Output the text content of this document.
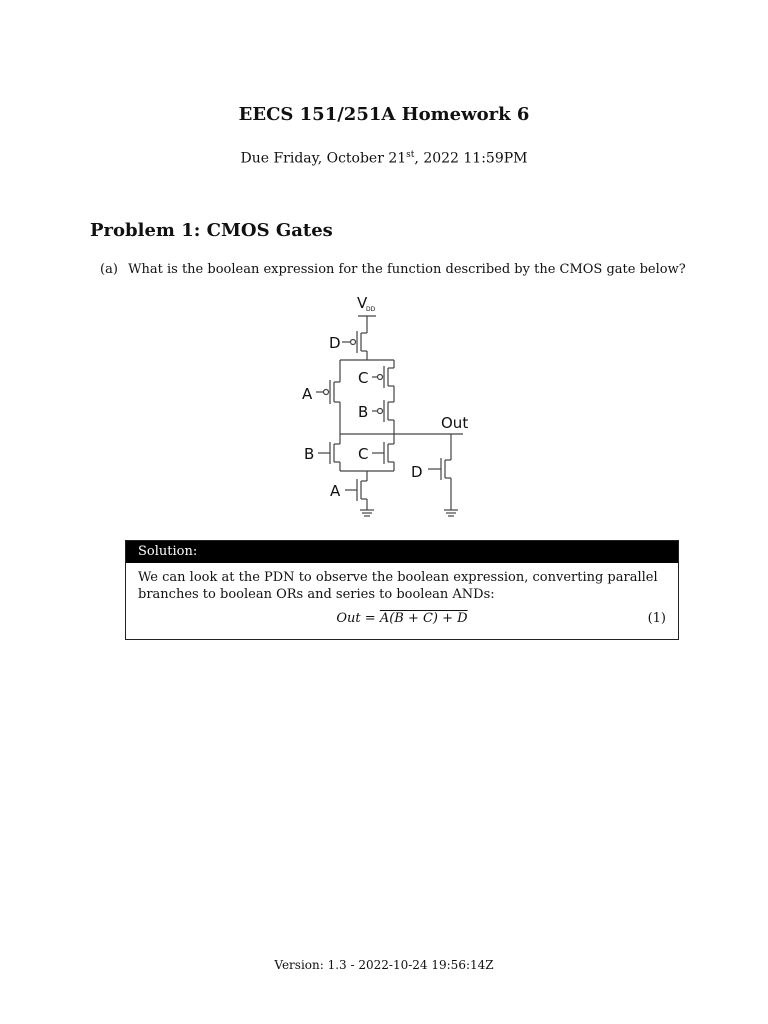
EECS 151/251A Homework 6
Due Friday, October 21st, 2022 11:59PM
Problem 1: CMOS Gates
(a) What is the boolean expression for the function described by the CMOS gate below?
V
DD
D
A
C
B
Out
B	C
A
D
Solution:
We can look at the PDN to observe the boolean expression, converting parallel branches to boolean ORs and series to boolean ANDs:
Out = A(B + C) + D	(1)
Version: 1.3 - 2022-10-24 19:56:14Z
